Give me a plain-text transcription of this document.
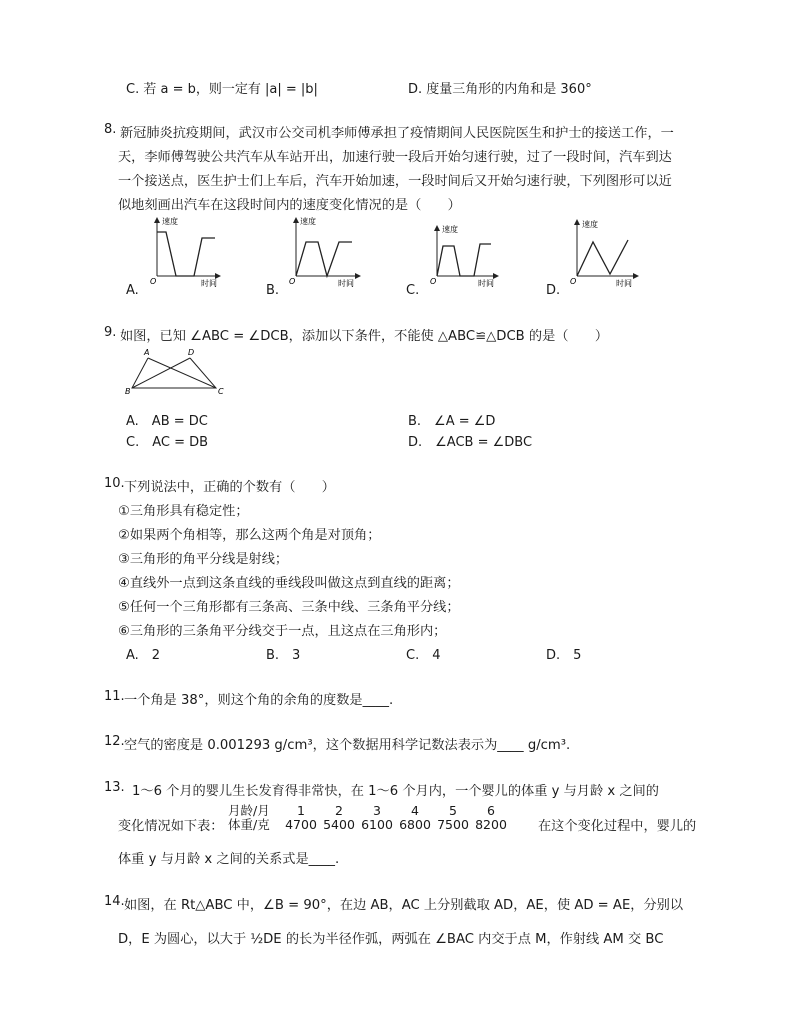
C. 若 a = b，则一定有 |a| = |b|	D. 度量三角形的内角和是 360°
8. 新冠肺炎抗疫期间，武汉市公交司机李师傅承担了疫情期间人民医院医生和护士的接送工作，一
天，李师傅驾驶公共汽车从车站开出，加速行驶一段后开始匀速行驶，过了一段时间，汽车到达
一个接送点，医生护士们上车后，汽车开始加速，一段时间后又开始匀速行驶，下列图形可以近
似地刻画出汽车在这段时间内的速度变化情况的是（　　）
速度
O	时间
速度
O	时间
速度
O	时间
速度
O	时间
A.	B.	C.	D.
9. 如图，已知 ∠ABC = ∠DCB，添加以下条件，不能使 △ABC≌△DCB 的是（　　）
A	D
B	C
A.　AB = DC	B.　∠A = ∠D
C.　AC = DB	D.　∠ACB = ∠DBC
10. 下列说法中，正确的个数有（　　）
①三角形具有稳定性；
②如果两个角相等，那么这两个角是对顶角；
③三角形的角平分线是射线；
④直线外一点到这条直线的垂线段叫做这点到直线的距离；
⑤任何一个三角形都有三条高、三条中线、三条角平分线；
⑥三角形的三条角平分线交于一点，且这点在三角形内；
A.　2	B.　3	C.　4	D.　5
11. 一个角是 38°，则这个角的余角的度数是____.
12. 空气的密度是 0.001293 g/cm³，这个数据用科学记数法表示为____ g/cm³.
13. 1～6 个月的婴儿生长发育得非常快，在 1～6 个月内，一个婴儿的体重 y 与月龄 x 之间的
变化情况如下表：
月龄/月	1	2	3	4	5	6
体重/克	4700 5400 6100 6800 7500 8200 在这个变化过程中，婴儿的
体重 y 与月龄 x 之间的关系式是____.
14. 如图，在 Rt△ABC 中，∠B = 90°，在边 AB，AC 上分别截取 AD，AE，使 AD = AE，分别以
D，E 为圆心，以大于 ½DE 的长为半径作弧，两弧在 ∠BAC 内交于点 M，作射线 AM 交 BC
